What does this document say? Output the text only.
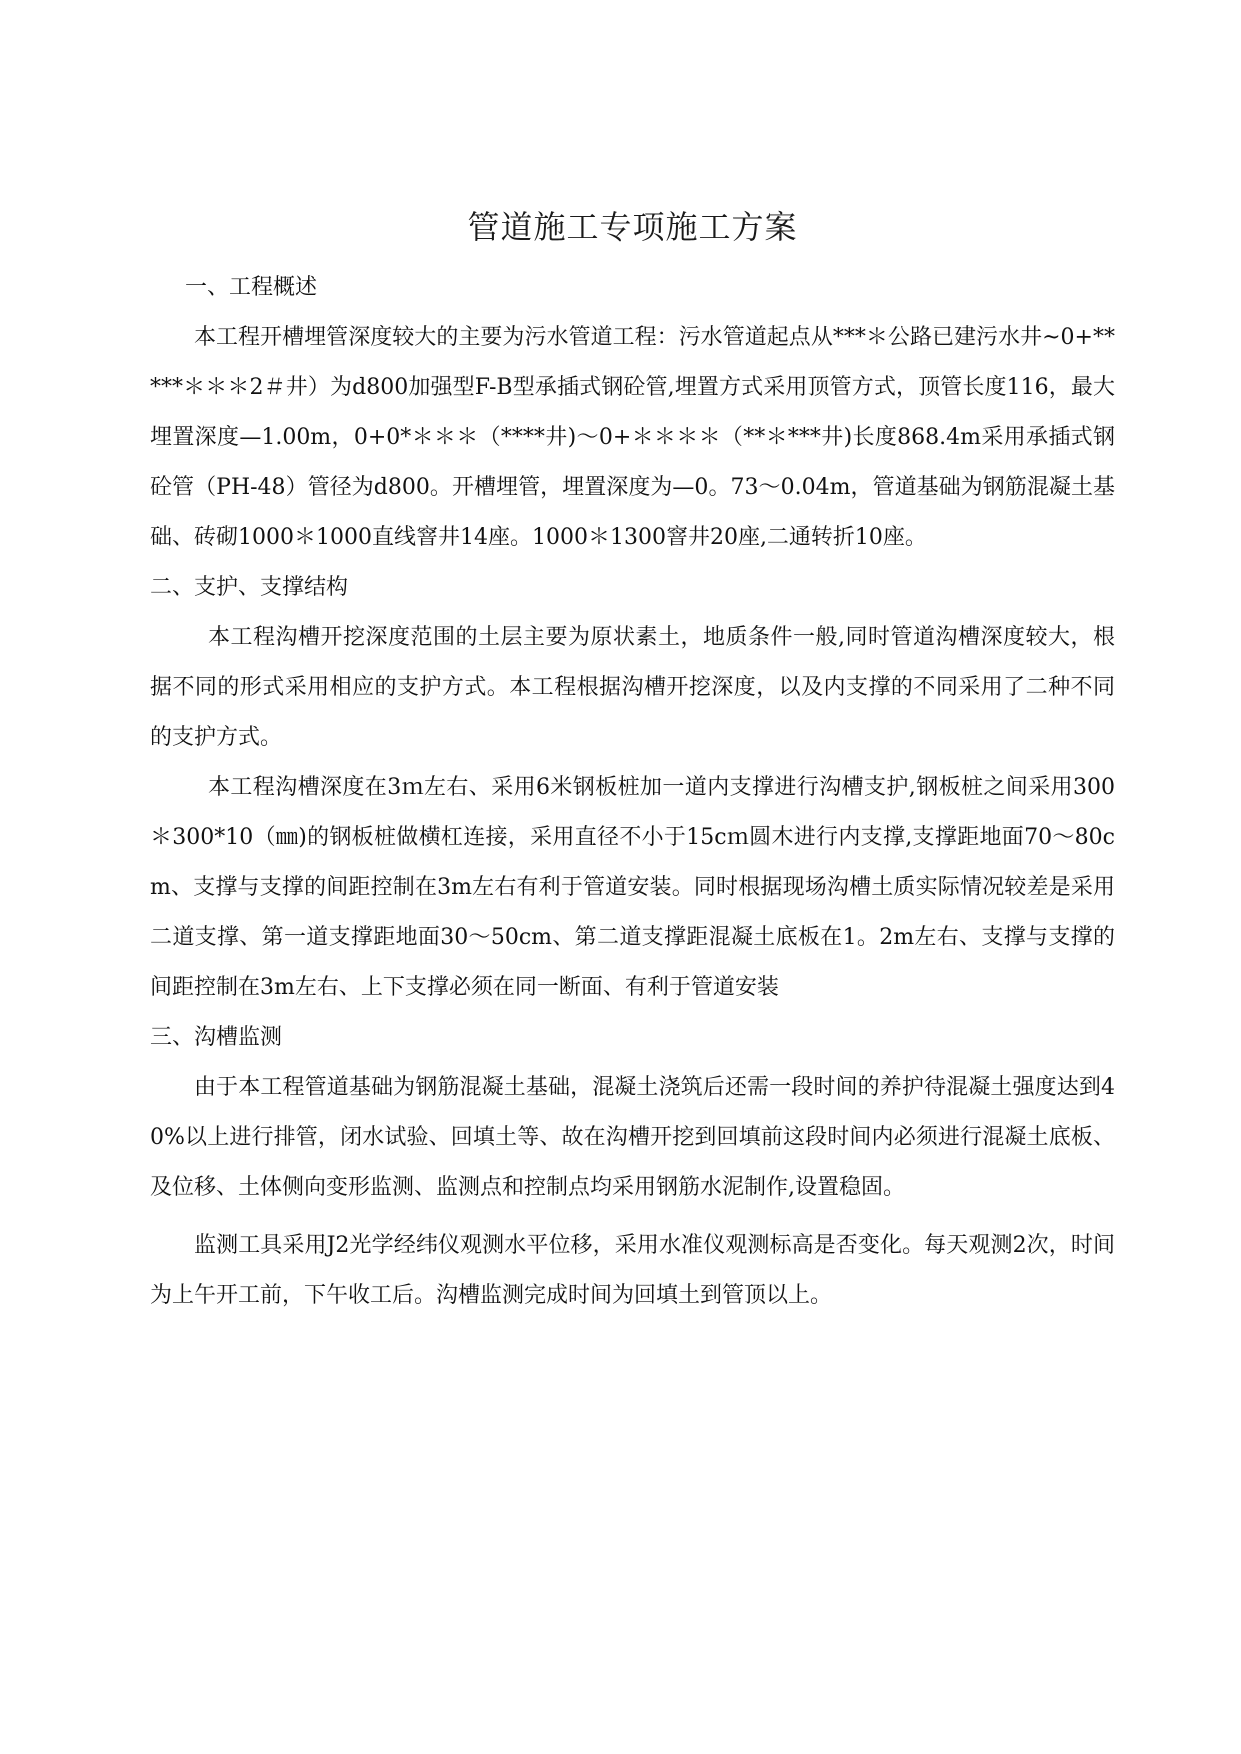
管道施工专项施工方案

一、工程概述

本工程开槽埋管深度较大的主要为污水管道工程：污水管道起点从***＊公路已建污水井~0+*****＊＊＊2＃井）为d800加强型F-B型承插式钢砼管,埋置方式采用顶管方式，顶管长度116，最大埋置深度—1.00m，0+0*＊＊＊（****井)～0+＊＊＊＊（**＊***井)长度868.4m采用承插式钢砼管（PH-48）管径为d800。开槽埋管，埋置深度为—0。73～0.04m，管道基础为钢筋混凝土基础、砖砌1000＊1000直线窨井14座。1000＊1300窨井20座,二通转折10座。

二、支护、支撑结构

本工程沟槽开挖深度范围的土层主要为原状素土，地质条件一般,同时管道沟槽深度较大，根据不同的形式采用相应的支护方式。本工程根据沟槽开挖深度，以及内支撑的不同采用了二种不同的支护方式。

本工程沟槽深度在3ｍ左右、采用6米钢板桩加一道内支撑进行沟槽支护,钢板桩之间采用300＊300*10（㎜)的钢板桩做横杠连接，采用直径不小于15cｍ圆木进行内支撑,支撑距地面70～80cm、支撑与支撑的间距控制在3m左右有利于管道安装。同时根据现场沟槽土质实际情况较差是采用二道支撑、第一道支撑距地面30～50cm、第二道支撑距混凝土底板在1。2m左右、支撑与支撑的间距控制在3m左右、上下支撑必须在同一断面、有利于管道安装

三、沟槽监测

由于本工程管道基础为钢筋混凝土基础，混凝土浇筑后还需一段时间的养护待混凝土强度达到40%以上进行排管，闭水试验、回填土等、故在沟槽开挖到回填前这段时间内必须进行混凝土底板、及位移、土体侧向变形监测、监测点和控制点均采用钢筋水泥制作,设置稳固。

监测工具采用J2光学经纬仪观测水平位移，采用水准仪观测标高是否变化。每天观测2次，时间为上午开工前，下午收工后。沟槽监测完成时间为回填土到管顶以上。
